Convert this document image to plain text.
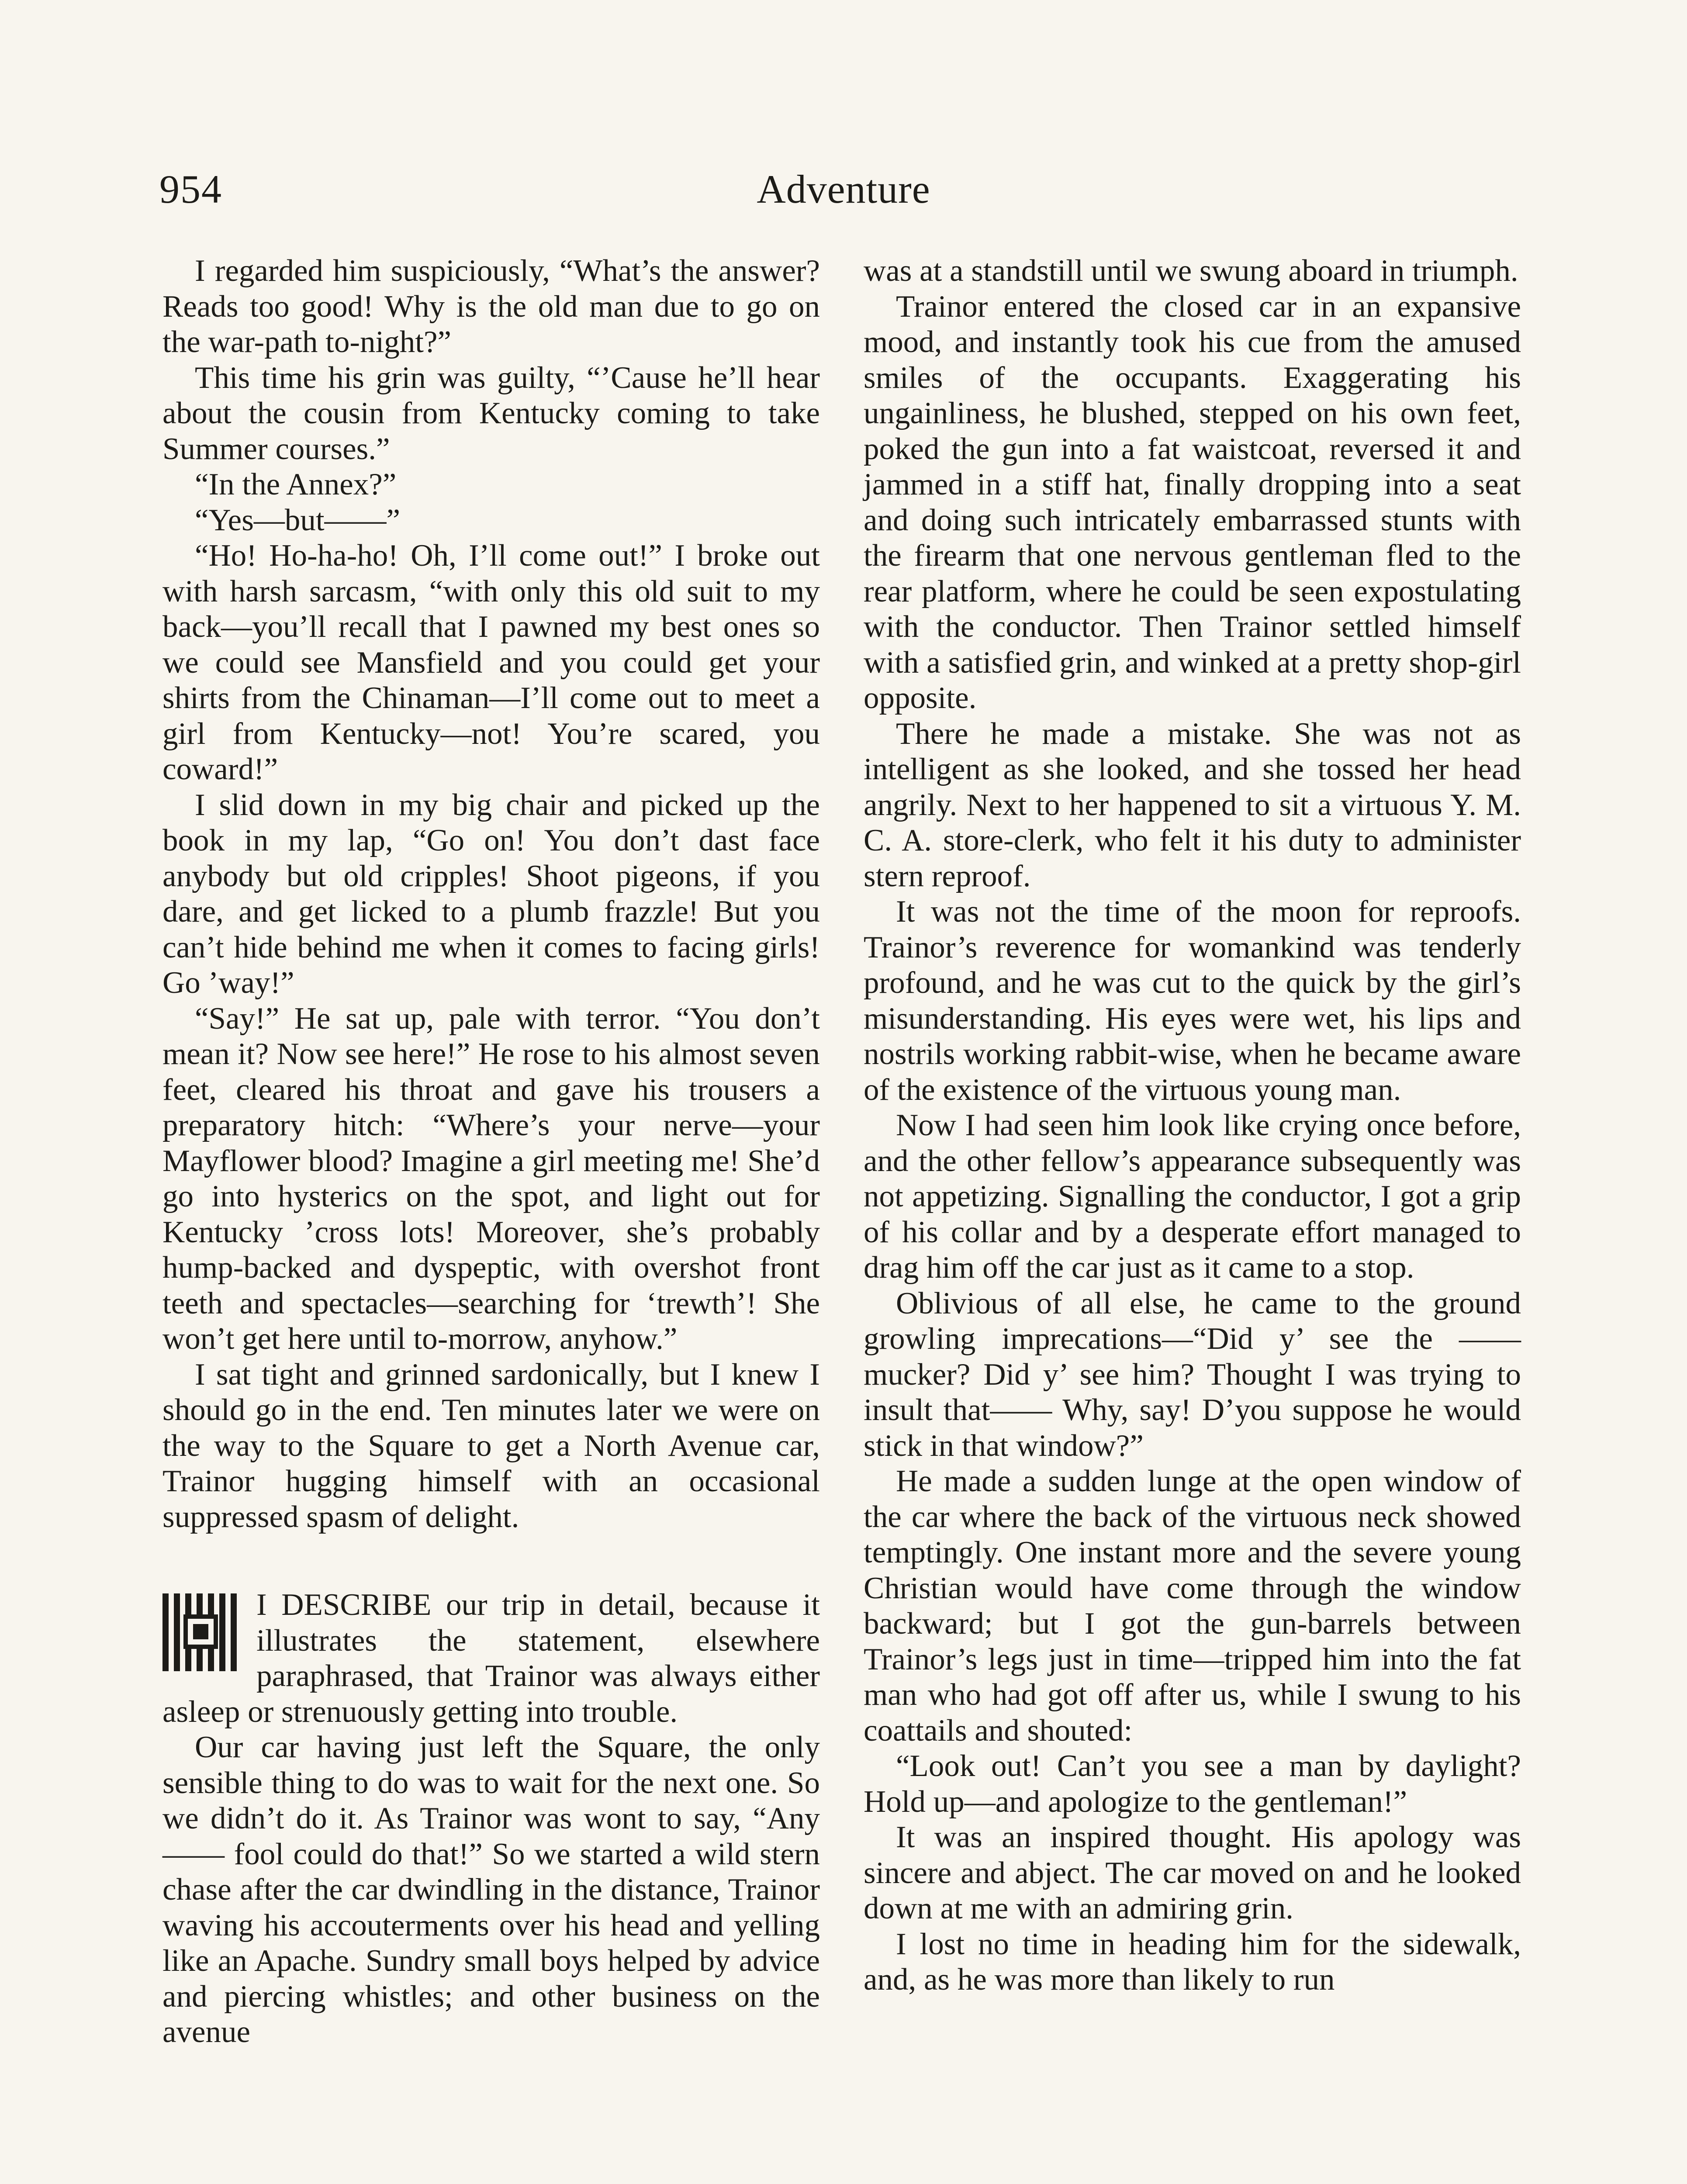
954	Adventure

I regarded him suspiciously, “What’s the answer? Reads too good! Why is the old man due to go on the war-path to-night?”

This time his grin was guilty, “’Cause he’ll hear about the cousin from Kentucky coming to take Summer courses.”

“In the Annex?”

“Yes—but——”

“Ho! Ho-ha-ho! Oh, I’ll come out!” I broke out with harsh sarcasm, “with only this old suit to my back—you’ll recall that I pawned my best ones so we could see Mansfield and you could get your shirts from the Chinaman—I’ll come out to meet a girl from Kentucky—not! You’re scared, you coward!”

I slid down in my big chair and picked up the book in my lap, “Go on! You don’t dast face anybody but old cripples! Shoot pigeons, if you dare, and get licked to a plumb frazzle! But you can’t hide behind me when it comes to facing girls! Go ’way!”

“Say!” He sat up, pale with terror. “You don’t mean it? Now see here!” He rose to his almost seven feet, cleared his throat and gave his trousers a preparatory hitch: “Where’s your nerve—your Mayflower blood? Imagine a girl meeting me! She’d go into hysterics on the spot, and light out for Kentucky ’cross lots! Moreover, she’s probably hump-backed and dyspeptic, with overshot front teeth and spectacles—searching for ‘trewth’! She won’t get here until to-morrow, anyhow.”

I sat tight and grinned sardonically, but I knew I should go in the end. Ten minutes later we were on the way to the Square to get a North Avenue car, Trainor hugging himself with an occasional suppressed spasm of delight.

I DESCRIBE our trip in detail, because it illustrates the statement, elsewhere paraphrased, that Trainor was always either asleep or strenuously getting into trouble.

Our car having just left the Square, the only sensible thing to do was to wait for the next one. So we didn’t do it. As Trainor was wont to say, “Any —— fool could do that!” So we started a wild stern chase after the car dwindling in the distance, Trainor waving his accouterments over his head and yelling like an Apache. Sundry small boys helped by advice and piercing whistles; and other business on the avenue

was at a standstill until we swung aboard in triumph.

Trainor entered the closed car in an expansive mood, and instantly took his cue from the amused smiles of the occupants. Exaggerating his ungainliness, he blushed, stepped on his own feet, poked the gun into a fat waistcoat, reversed it and jammed in a stiff hat, finally dropping into a seat and doing such intricately embarrassed stunts with the firearm that one nervous gentleman fled to the rear platform, where he could be seen expostulating with the conductor. Then Trainor settled himself with a satisfied grin, and winked at a pretty shop-girl opposite.

There he made a mistake. She was not as intelligent as she looked, and she tossed her head angrily. Next to her happened to sit a virtuous Y. M. C. A. store-clerk, who felt it his duty to administer stern reproof.

It was not the time of the moon for reproofs. Trainor’s reverence for womankind was tenderly profound, and he was cut to the quick by the girl’s misunderstanding. His eyes were wet, his lips and nostrils working rabbit-wise, when he became aware of the existence of the virtuous young man.

Now I had seen him look like crying once before, and the other fellow’s appearance subsequently was not appetizing. Signalling the conductor, I got a grip of his collar and by a desperate effort managed to drag him off the car just as it came to a stop.

Oblivious of all else, he came to the ground growling imprecations—“Did y’ see the —— mucker? Did y’ see him? Thought I was trying to insult that—— Why, say! D’you suppose he would stick in that window?”

He made a sudden lunge at the open window of the car where the back of the virtuous neck showed temptingly. One instant more and the severe young Christian would have come through the window backward; but I got the gun-barrels between Trainor’s legs just in time—tripped him into the fat man who had got off after us, while I swung to his coattails and shouted:

“Look out! Can’t you see a man by daylight? Hold up—and apologize to the gentleman!”

It was an inspired thought. His apology was sincere and abject. The car moved on and he looked down at me with an admiring grin.

I lost no time in heading him for the sidewalk, and, as he was more than likely to run
